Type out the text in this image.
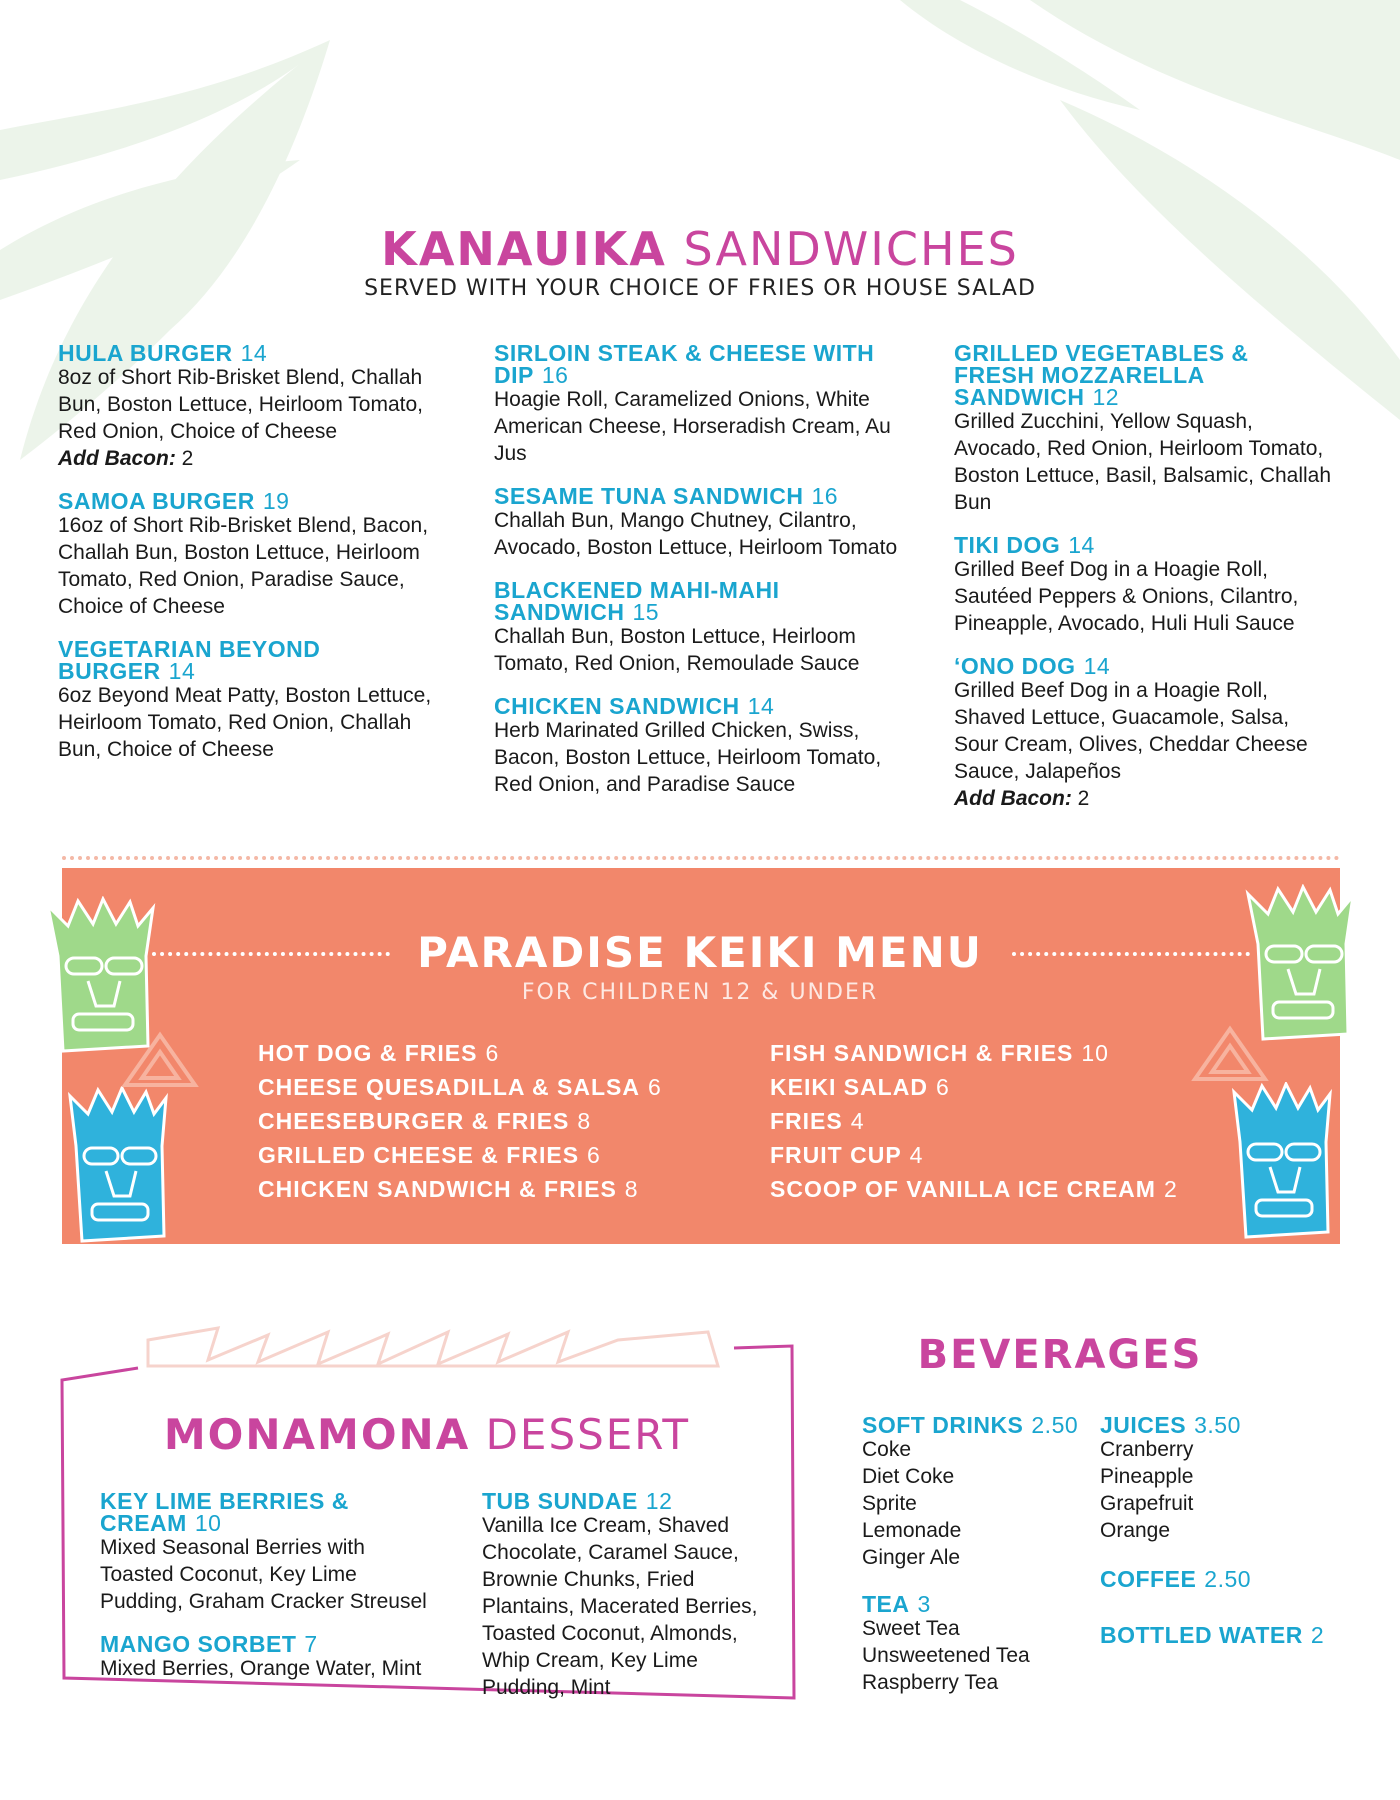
KANAUIKA SANDWICHES
SERVED WITH YOUR CHOICE OF FRIES OR HOUSE SALAD
HULA BURGER 14
8oz of Short Rib-Brisket Blend, Challah Bun, Boston Lettuce, Heirloom Tomato, Red Onion, Choice of Cheese
Add Bacon: 2
SAMOA BURGER 19
16oz of Short Rib-Brisket Blend, Bacon, Challah Bun, Boston Lettuce, Heirloom Tomato, Red Onion, Paradise Sauce, Choice of Cheese
VEGETARIAN BEYOND BURGER 14
6oz Beyond Meat Patty, Boston Lettuce, Heirloom Tomato, Red Onion, Challah Bun, Choice of Cheese
SIRLOIN STEAK & CHEESE WITH DIP 16
Hoagie Roll, Caramelized Onions, White American Cheese, Horseradish Cream, Au Jus
SESAME TUNA SANDWICH 16
Challah Bun, Mango Chutney, Cilantro, Avocado, Boston Lettuce, Heirloom Tomato
BLACKENED MAHI-MAHI SANDWICH 15
Challah Bun, Boston Lettuce, Heirloom Tomato, Red Onion, Remoulade Sauce
CHICKEN SANDWICH 14
Herb Marinated Grilled Chicken, Swiss, Bacon, Boston Lettuce, Heirloom Tomato, Red Onion, and Paradise Sauce
GRILLED VEGETABLES & FRESH MOZZARELLA SANDWICH 12
Grilled Zucchini, Yellow Squash, Avocado, Red Onion, Heirloom Tomato, Boston Lettuce, Basil, Balsamic, Challah Bun
TIKI DOG 14
Grilled Beef Dog in a Hoagie Roll, Sautéed Peppers & Onions, Cilantro, Pineapple, Avocado, Huli Huli Sauce
‘ONO DOG 14
Grilled Beef Dog in a Hoagie Roll, Shaved Lettuce, Guacamole, Salsa, Sour Cream, Olives, Cheddar Cheese Sauce, Jalapeños
Add Bacon: 2
PARADISE KEIKI MENU
FOR CHILDREN 12 & UNDER
HOT DOG & FRIES 6
CHEESE QUESADILLA & SALSA 6
CHEESEBURGER & FRIES 8
GRILLED CHEESE & FRIES 6
CHICKEN SANDWICH & FRIES 8
FISH SANDWICH & FRIES 10
KEIKI SALAD 6
FRIES 4
FRUIT CUP 4
SCOOP OF VANILLA ICE CREAM 2
MONAMONA DESSERT
KEY LIME BERRIES & CREAM 10
Mixed Seasonal Berries with Toasted Coconut, Key Lime Pudding, Graham Cracker Streusel
MANGO SORBET 7
Mixed Berries, Orange Water, Mint
TUB SUNDAE 12
Vanilla Ice Cream, Shaved Chocolate, Caramel Sauce, Brownie Chunks, Fried Plantains, Macerated Berries, Toasted Coconut, Almonds, Whip Cream, Key Lime Pudding, Mint
BEVERAGES
SOFT DRINKS 2.50
Coke
Diet Coke
Sprite
Lemonade
Ginger Ale
TEA 3
Sweet Tea
Unsweetened Tea
Raspberry Tea
JUICES 3.50
Cranberry
Pineapple
Grapefruit
Orange
COFFEE 2.50
BOTTLED WATER 2
